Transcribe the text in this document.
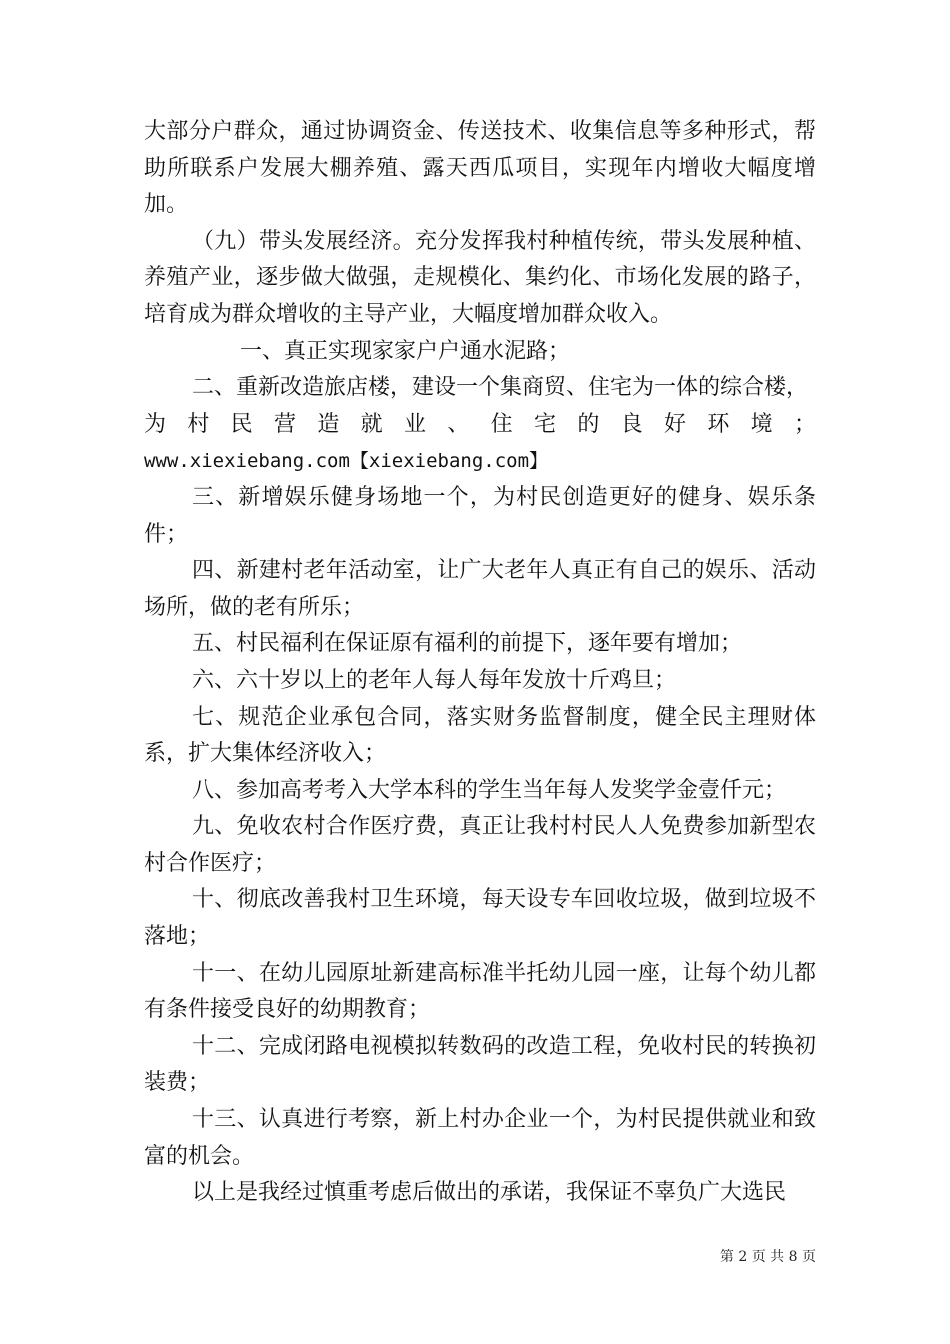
大部分户群众，通过协调资金、传送技术、收集信息等多种形式，帮助所联系户发展大棚养殖、露天西瓜项目，实现年内增收大幅度增加。

（九）带头发展经济。充分发挥我村种植传统，带头发展种植、养殖产业，逐步做大做强，走规模化、集约化、市场化发展的路子，培育成为群众增收的主导产业，大幅度增加群众收入。

一、真正实现家家户户通水泥路；

二、重新改造旅店楼，建设一个集商贸、住宅为一体的综合楼，

为村民营造就业、住宅的良好环境；

www.xiexiebang.com【xiexiebang.com】

三、新增娱乐健身场地一个，为村民创造更好的健身、娱乐条件；

四、新建村老年活动室，让广大老年人真正有自己的娱乐、活动场所，做的老有所乐；

五、村民福利在保证原有福利的前提下，逐年要有增加；

六、六十岁以上的老年人每人每年发放十斤鸡旦；

七、规范企业承包合同，落实财务监督制度，健全民主理财体系，扩大集体经济收入；

八、参加高考考入大学本科的学生当年每人发奖学金壹仟元；

九、免收农村合作医疗费，真正让我村村民人人免费参加新型农村合作医疗；

十、彻底改善我村卫生环境，每天设专车回收垃圾，做到垃圾不落地；

十一、在幼儿园原址新建高标准半托幼儿园一座，让每个幼儿都有条件接受良好的幼期教育；

十二、完成闭路电视模拟转数码的改造工程，免收村民的转换初装费；

十三、认真进行考察，新上村办企业一个，为村民提供就业和致富的机会。

以上是我经过慎重考虑后做出的承诺，我保证不辜负广大选民

第 2 页 共 8 页
